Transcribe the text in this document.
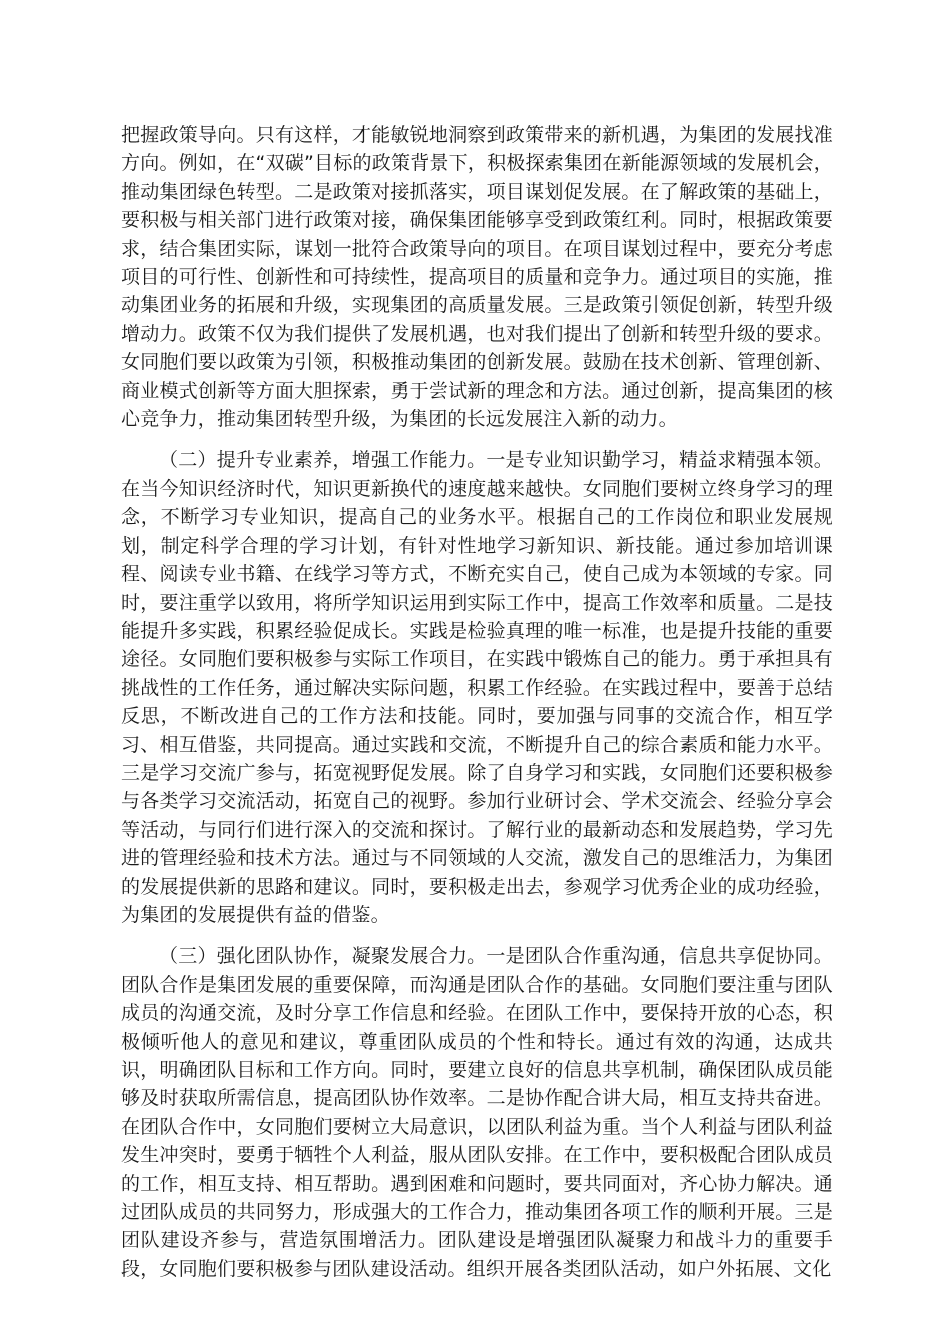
把握政策导向。只有这样，才能敏锐地洞察到政策带来的新机遇，为集团的发展找准方向。例如，在“双碳”目标的政策背景下，积极探索集团在新能源领域的发展机会，推动集团绿色转型。二是政策对接抓落实，项目谋划促发展。在了解政策的基础上，要积极与相关部门进行政策对接，确保集团能够享受到政策红利。同时，根据政策要求，结合集团实际，谋划一批符合政策导向的项目。在项目谋划过程中，要充分考虑项目的可行性、创新性和可持续性，提高项目的质量和竞争力。通过项目的实施，推动集团业务的拓展和升级，实现集团的高质量发展。三是政策引领促创新，转型升级增动力。政策不仅为我们提供了发展机遇，也对我们提出了创新和转型升级的要求。女同胞们要以政策为引领，积极推动集团的创新发展。鼓励在技术创新、管理创新、商业模式创新等方面大胆探索，勇于尝试新的理念和方法。通过创新，提高集团的核心竞争力，推动集团转型升级，为集团的长远发展注入新的动力。

（二）提升专业素养，增强工作能力。一是专业知识勤学习，精益求精强本领。在当今知识经济时代，知识更新换代的速度越来越快。女同胞们要树立终身学习的理念，不断学习专业知识，提高自己的业务水平。根据自己的工作岗位和职业发展规划，制定科学合理的学习计划，有针对性地学习新知识、新技能。通过参加培训课程、阅读专业书籍、在线学习等方式，不断充实自己，使自己成为本领域的专家。同时，要注重学以致用，将所学知识运用到实际工作中，提高工作效率和质量。二是技能提升多实践，积累经验促成长。实践是检验真理的唯一标准，也是提升技能的重要途径。女同胞们要积极参与实际工作项目，在实践中锻炼自己的能力。勇于承担具有挑战性的工作任务，通过解决实际问题，积累工作经验。在实践过程中，要善于总结反思，不断改进自己的工作方法和技能。同时，要加强与同事的交流合作，相互学习、相互借鉴，共同提高。通过实践和交流，不断提升自己的综合素质和能力水平。三是学习交流广参与，拓宽视野促发展。除了自身学习和实践，女同胞们还要积极参与各类学习交流活动，拓宽自己的视野。参加行业研讨会、学术交流会、经验分享会等活动，与同行们进行深入的交流和探讨。了解行业的最新动态和发展趋势，学习先进的管理经验和技术方法。通过与不同领域的人交流，激发自己的思维活力，为集团的发展提供新的思路和建议。同时，要积极走出去，参观学习优秀企业的成功经验，为集团的发展提供有益的借鉴。

（三）强化团队协作，凝聚发展合力。一是团队合作重沟通，信息共享促协同。团队合作是集团发展的重要保障，而沟通是团队合作的基础。女同胞们要注重与团队成员的沟通交流，及时分享工作信息和经验。在团队工作中，要保持开放的心态，积极倾听他人的意见和建议，尊重团队成员的个性和特长。通过有效的沟通，达成共识，明确团队目标和工作方向。同时，要建立良好的信息共享机制，确保团队成员能够及时获取所需信息，提高团队协作效率。二是协作配合讲大局，相互支持共奋进。在团队合作中，女同胞们要树立大局意识，以团队利益为重。当个人利益与团队利益发生冲突时，要勇于牺牲个人利益，服从团队安排。在工作中，要积极配合团队成员的工作，相互支持、相互帮助。遇到困难和问题时，要共同面对，齐心协力解决。通过团队成员的共同努力，形成强大的工作合力，推动集团各项工作的顺利开展。三是团队建设齐参与，营造氛围增活力。团队建设是增强团队凝聚力和战斗力的重要手段，女同胞们要积极参与团队建设活动。组织开展各类团队活动，如户外拓展、文化
